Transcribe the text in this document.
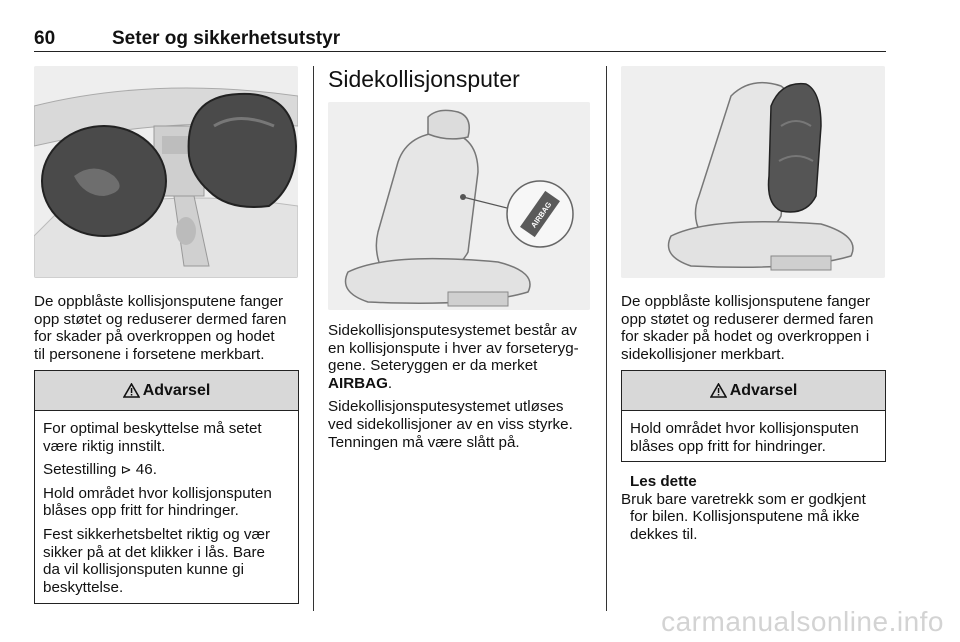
60	Seter og sikkerhetsutstyr
De oppblåste kollisjonsputene fanger
opp støtet og reduserer dermed faren
for skader på overkroppen og hodet
til personene i forsetene merkbart.
Advarsel

For optimal beskyttelse må setet
være riktig innstilt.

Setestilling ⊳ 46.

Hold området hvor kollisjonsputen
blåses opp fritt for hindringer.

Fest sikkerhetsbeltet riktig og vær
sikker på at det klikker i lås. Bare
da vil kollisjonsputen kunne gi
beskyttelse.

Sidekollisjonsputer
AIRBAG

Sidekollisjonsputesystemet består av
en kollisjonspute i hver av forseteryg-
gene. Seteryggen er da merket
AIRBAG.

Sidekollisjonsputesystemet utløses
ved sidekollisjoner av en viss styrke.
Tenningen må være slått på.

De oppblåste kollisjonsputene fanger
opp støtet og reduserer dermed faren
for skader på hodet og overkroppen i
sidekollisjoner merkbart.
Advarsel

Hold området hvor kollisjonsputen
blåses opp fritt for hindringer.

Les dette
Bruk bare varetrekk som er godkjent
for bilen. Kollisjonsputene må ikke
dekkes til.
carmanualsonline.info
